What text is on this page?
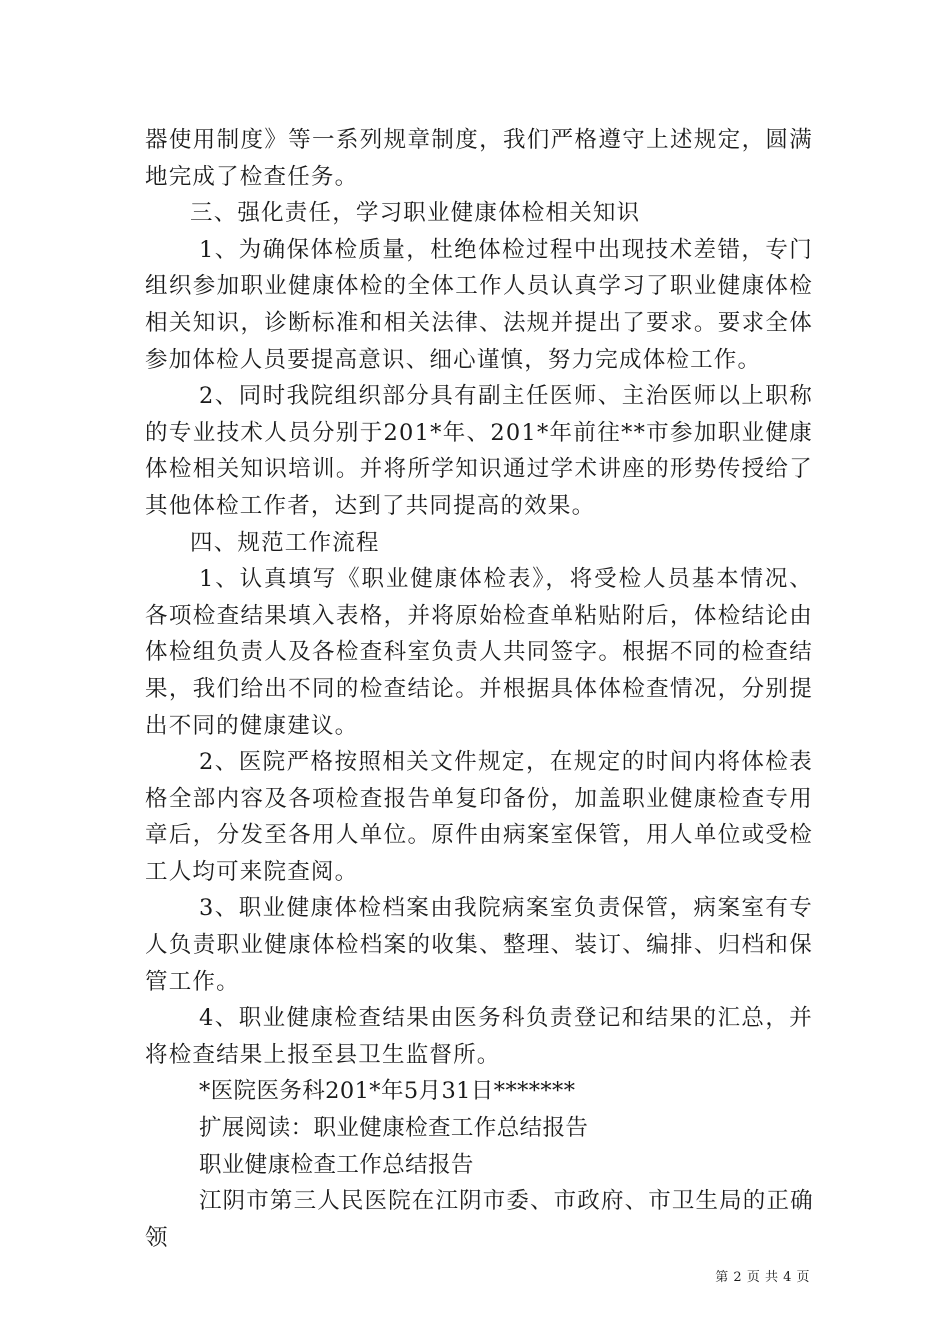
器使用制度》等一系列规章制度，我们严格遵守上述规定，圆满地完成了检查任务。

三、强化责任，学习职业健康体检相关知识

1、为确保体检质量，杜绝体检过程中出现技术差错，专门组织参加职业健康体检的全体工作人员认真学习了职业健康体检相关知识，诊断标准和相关法律、法规并提出了要求。要求全体参加体检人员要提高意识、细心谨慎，努力完成体检工作。

2、同时我院组织部分具有副主任医师、主治医师以上职称的专业技术人员分别于201*年、201*年前往**市参加职业健康体检相关知识培训。并将所学知识通过学术讲座的形势传授给了其他体检工作者，达到了共同提高的效果。

四、规范工作流程

1、认真填写《职业健康体检表》，将受检人员基本情况、各项检查结果填入表格，并将原始检查单粘贴附后，体检结论由体检组负责人及各检查科室负责人共同签字。根据不同的检查结果，我们给出不同的检查结论。并根据具体体检查情况，分别提出不同的健康建议。

2、医院严格按照相关文件规定，在规定的时间内将体检表格全部内容及各项检查报告单复印备份，加盖职业健康检查专用章后，分发至各用人单位。原件由病案室保管，用人单位或受检工人均可来院查阅。

3、职业健康体检档案由我院病案室负责保管，病案室有专人负责职业健康体检档案的收集、整理、装订、编排、归档和保管工作。

4、职业健康检查结果由医务科负责登记和结果的汇总，并将检查结果上报至县卫生监督所。

*医院医务科201*年5月31日*******

扩展阅读：职业健康检查工作总结报告

职业健康检查工作总结报告

江阴市第三人民医院在江阴市委、市政府、市卫生局的正确领

第 2 页 共 4 页
